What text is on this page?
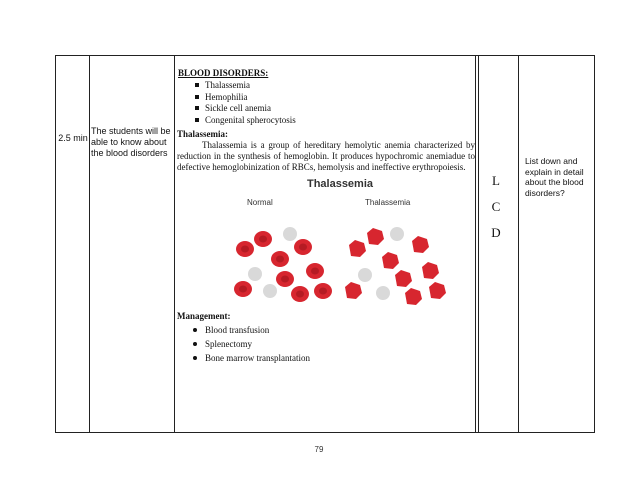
2.5 min
The students will be able to know about the blood disorders
BLOOD DISORDERS:
Thalassemia
Hemophilia
Sickle cell anemia
Congenital spherocytosis
Thalassemia:
Thalassemia is a group of hereditary hemolytic anemia characterized by reduction in the synthesis of hemoglobin. It produces hypochromic anemiadue to defective hemoglobinization of RBCs, hemolysis and ineffective erythropoiesis.
Thalassemia
Normal	Thalassemia
Management:
Blood transfusion
Splenectomy
Bone marrow transplantation
L
C
D
List down and explain in detail about the blood disorders?
79
